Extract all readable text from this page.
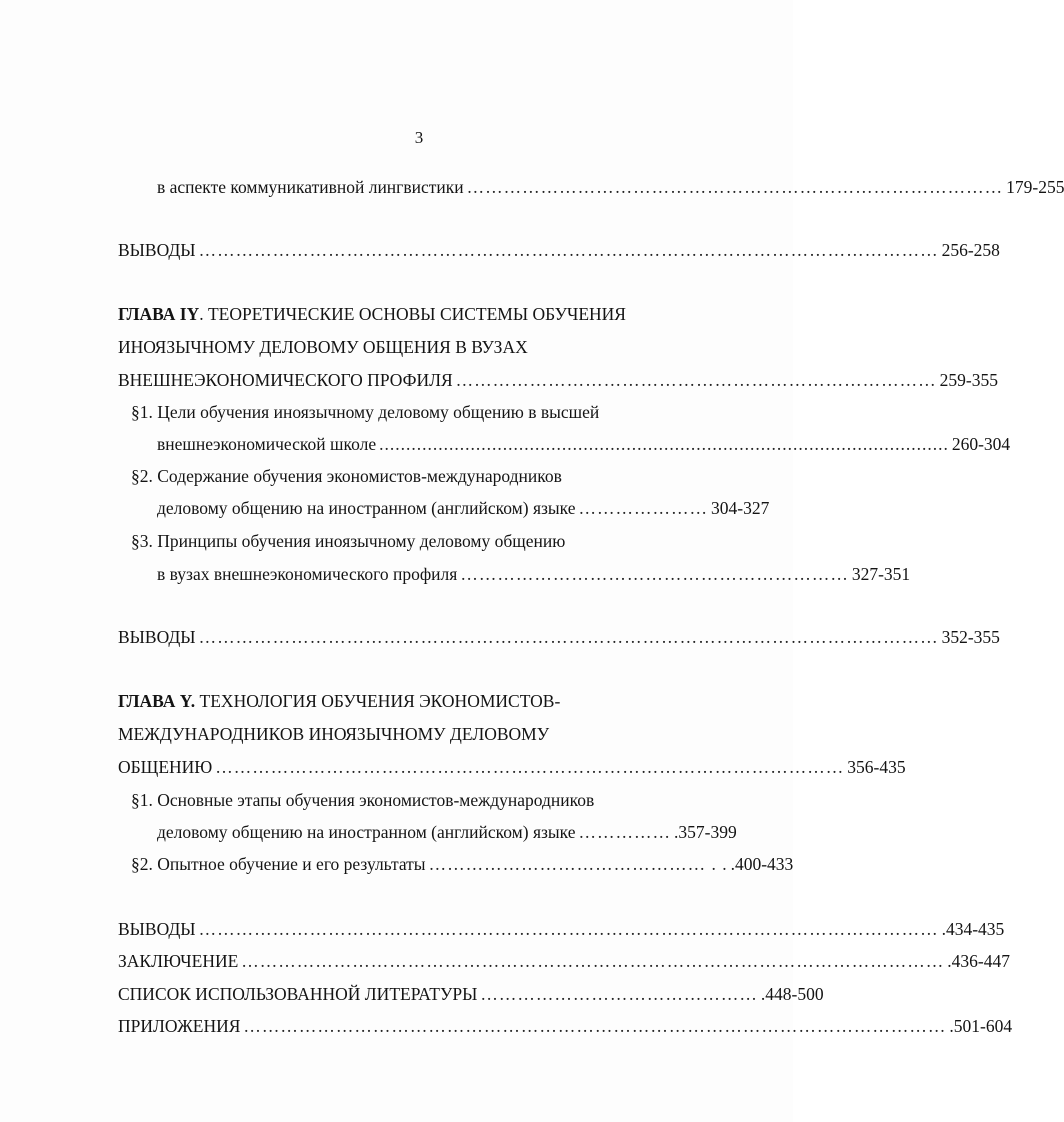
3
в аспекте коммуникативной лингвистики …………………………………………………………………………… 179-255
ВЫВОДЫ ………………………………………………………………………………………………………… 256-258
ГЛАВА IY. ТЕОРЕТИЧЕСКИЕ ОСНОВЫ СИСТЕМЫ ОБУЧЕНИЯ
ИНОЯЗЫЧНОМУ ДЕЛОВОМУ ОБЩЕНИЯ В ВУЗАХ
ВНЕШНЕЭКОНОМИЧЕСКОГО ПРОФИЛЯ …………………………………………………………………… 259-355
§1. Цели обучения иноязычному деловому общению в высшей
внешнеэкономической школе .......................................................................................................... 260-304
§2. Содержание обучения экономистов-международников
деловому общению на иностранном (английском) языке ………………… 304-327
§3. Принципы обучения иноязычному деловому общению
в вузах внешнеэкономического профиля ……………………………………………………… 327-351
ВЫВОДЫ ………………………………………………………………………………………………………… 352-355
ГЛАВА Y. ТЕХНОЛОГИЯ ОБУЧЕНИЯ ЭКОНОМИСТОВ-
МЕЖДУНАРОДНИКОВ ИНОЯЗЫЧНОМУ ДЕЛОВОМУ
ОБЩЕНИЮ ………………………………………………………………………………………… 356-435
§1. Основные этапы обучения экономистов-международников
деловому общению на иностранном (английском) языке …………… .357-399
§2. Опытное обучение и его результаты ……………………………………… . . .400-433
ВЫВОДЫ ………………………………………………………………………………………………………… .434-435
ЗАКЛЮЧЕНИЕ …………………………………………………………………………………………………… .436-447
СПИСОК ИСПОЛЬЗОВАННОЙ ЛИТЕРАТУРЫ ……………………………………… .448-500
ПРИЛОЖЕНИЯ …………………………………………………………………………………………………… .501-604
